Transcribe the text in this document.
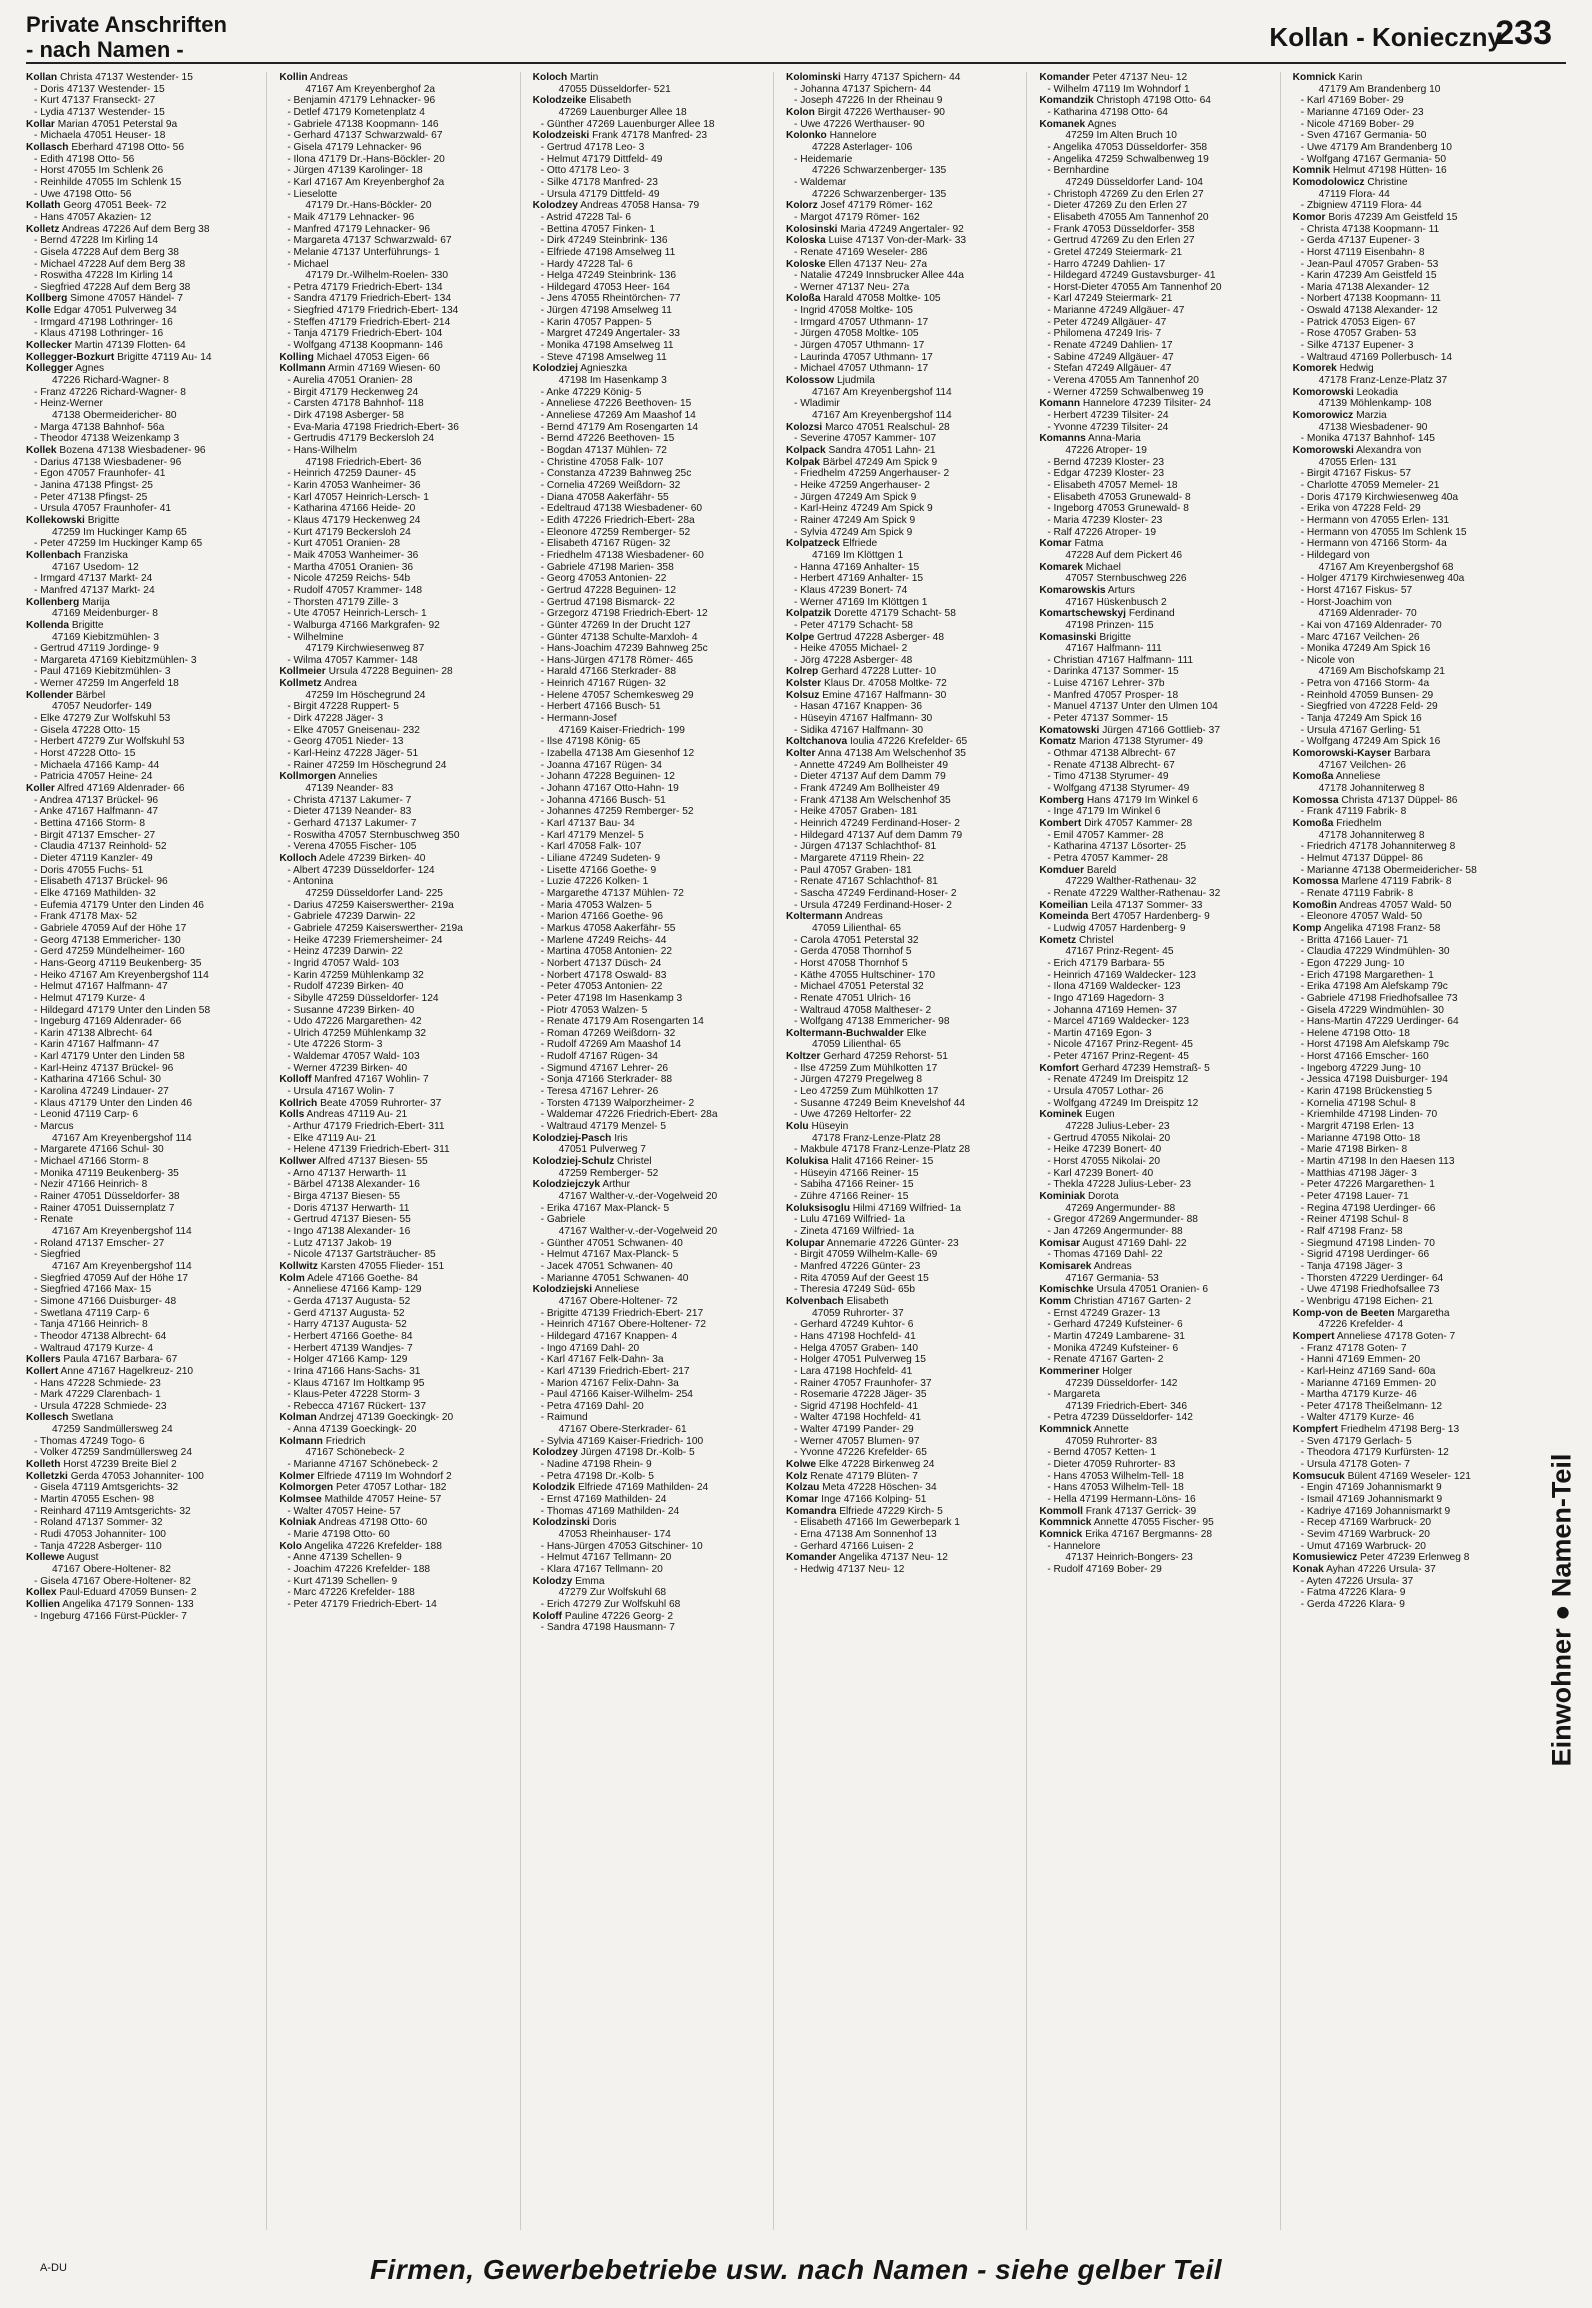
Private Anschriften
- nach Namen -	Kollan - Konieczny
233
Kollan Christa 47137 Westender- 15
- Doris 47137 Westender- 15
- Kurt 47137 Franseckt- 27
- Lydia 47137 Westender- 15
Kollar Marian 47051 Peterstal 9a
- Michaela 47051 Heuser- 18
Kollasch Eberhard 47198 Otto- 56
- Edith 47198 Otto- 56
- Horst 47055 Im Schlenk 26
- Reinhilde 47055 Im Schlenk 15
- Uwe 47198 Otto- 56
Kollath Georg 47051 Beek- 72
- Hans 47057 Akazien- 12
Kolletz Andreas 47226 Auf dem Berg 38
- Bernd 47228 Im Kirling 14
- Gisela 47228 Auf dem Berg 38
- Michael 47228 Auf dem Berg 38
- Roswitha 47228 Im Kirling 14
- Siegfried 47228 Auf dem Berg 38
Kollberg Simone 47057 Händel- 7
Kolle Edgar 47051 Pulverweg 34
- Irmgard 47198 Lothringer- 16
- Klaus 47198 Lothringer- 16
Kollecker Martin 47139 Flotten- 64
Kollegger-Bozkurt Brigitte 47119 Au- 14
Kollegger Agnes
47226 Richard-Wagner- 8
- Franz 47226 Richard-Wagner- 8
- Heinz-Werner
47138 Obermeidericher- 80
- Marga 47138 Bahnhof- 56a
- Theodor 47138 Weizenkamp 3
Kollek Bozena 47138 Wiesbadener- 96
- Darius 47138 Wiesbadener- 96
- Egon 47057 Fraunhofer- 41
- Janina 47138 Pfingst- 25
- Peter 47138 Pfingst- 25
- Ursula 47057 Fraunhofer- 41
Kollekowski Brigitte
47259 Im Huckinger Kamp 65
- Peter 47259 Im Huckinger Kamp 65
Kollenbach Franziska
47167 Usedom- 12
- Irmgard 47137 Markt- 24
- Manfred 47137 Markt- 24
Kollenberg Marija
47169 Meidenburger- 8
Kollenda Brigitte
47169 Kiebitzmühlen- 3
- Gertrud 47119 Jordinge- 9
- Margareta 47169 Kiebitzmühlen- 3
- Paul 47169 Kiebitzmühlen- 3
- Werner 47259 Im Angerfeld 18
Kollender Bärbel
47057 Neudorfer- 149
- Elke 47279 Zur Wolfskuhl 53
- Gisela 47228 Otto- 15
- Herbert 47279 Zur Wolfskuhl 53
- Horst 47228 Otto- 15
- Michaela 47166 Kamp- 44
- Patricia 47057 Heine- 24
Koller Alfred 47169 Aldenrader- 66
- Andrea 47137 Brückel- 96
- Anke 47167 Halfmann- 47
- Bettina 47166 Storm- 8
- Birgit 47137 Emscher- 27
- Claudia 47137 Reinhold- 52
- Dieter 47119 Kanzler- 49
- Doris 47055 Fuchs- 51
- Elisabeth 47137 Brückel- 96
- Elke 47169 Mathilden- 32
- Eufemia 47179 Unter den Linden 46
- Frank 47178 Max- 52
- Gabriele 47059 Auf der Höhe 17
- Georg 47138 Emmericher- 130
- Gerd 47259 Mündelheimer- 160
- Hans-Georg 47119 Beukenberg- 35
- Heiko 47167 Am Kreyenbergshof 114
- Helmut 47167 Halfmann- 47
- Helmut 47179 Kurze- 4
- Hildegard 47179 Unter den Linden 58
- Ingeburg 47169 Aldenrader- 66
- Karin 47138 Albrecht- 64
- Karin 47167 Halfmann- 47
- Karl 47179 Unter den Linden 58
- Karl-Heinz 47137 Brückel- 96
- Katharina 47166 Schul- 30
- Karolina 47249 Lindauer- 27
- Klaus 47179 Unter den Linden 46
- Leonid 47119 Carp- 6
- Marcus
47167 Am Kreyenbergshof 114
- Margarete 47166 Schul- 30
- Michael 47166 Storm- 8
- Monika 47119 Beukenberg- 35
- Nezir 47166 Heinrich- 8
- Rainer 47051 Düsseldorfer- 38
- Rainer 47051 Duissernplatz 7
- Renate
47167 Am Kreyenbergshof 114
- Roland 47137 Emscher- 27
- Siegfried
47167 Am Kreyenbergshof 114
- Siegfried 47059 Auf der Höhe 17
- Siegfried 47166 Max- 15
- Simone 47166 Duisburger- 48
- Swetlana 47119 Carp- 6
- Tanja 47166 Heinrich- 8
- Theodor 47138 Albrecht- 64
- Waltraud 47179 Kurze- 4
Kollers Paula 47167 Barbara- 67
Kollert Anne 47167 Hagelkreuz- 210
- Hans 47228 Schmiede- 23
- Mark 47229 Clarenbach- 1
- Ursula 47228 Schmiede- 23
Kollesch Swetlana
47259 Sandmüllersweg 24
- Thomas 47249 Togo- 6
- Volker 47259 Sandmüllersweg 24
Kolleth Horst 47239 Breite Biel 2
Kolletzki Gerda 47053 Johanniter- 100
- Gisela 47119 Amtsgerichts- 32
- Martin 47055 Eschen- 98
- Reinhard 47119 Amtsgerichts- 32
- Roland 47137 Sommer- 32
- Rudi 47053 Johanniter- 100
- Tanja 47228 Asberger- 110
Kollewe August
47167 Obere-Holtener- 82
- Gisela 47167 Obere-Holtener- 82
Kollex Paul-Eduard 47059 Bunsen- 2
Kollien Angelika 47179 Sonnen- 133
- Ingeburg 47166 Fürst-Pückler- 7
Kollin Andreas
47167 Am Kreyenberghof 2a
- Benjamin 47179 Lehnacker- 96
- Detlef 47179 Kometenplatz 4
- Gabriele 47138 Koopmann- 146
- Gerhard 47137 Schwarzwald- 67
- Gisela 47179 Lehnacker- 96
- Ilona 47179 Dr.-Hans-Böckler- 20
- Jürgen 47139 Karolinger- 18
- Karl 47167 Am Kreyenberghof 2a
- Lieselotte
47179 Dr.-Hans-Böckler- 20
- Maik 47179 Lehnacker- 96
- Manfred 47179 Lehnacker- 96
- Margareta 47137 Schwarzwald- 67
- Melanie 47137 Unterführungs- 1
- Michael
47179 Dr.-Wilhelm-Roelen- 330
- Petra 47179 Friedrich-Ebert- 134
- Sandra 47179 Friedrich-Ebert- 134
- Siegfried 47179 Friedrich-Ebert- 134
- Steffen 47179 Friedrich-Ebert- 214
- Tanja 47179 Friedrich-Ebert- 104
- Wolfgang 47138 Koopmann- 146
Kolling Michael 47053 Eigen- 66
Kollmann Armin 47169 Wiesen- 60
- Aurelia 47051 Oranien- 28
- Birgit 47179 Heckenweg 24
- Carsten 47178 Bahnhof- 118
- Dirk 47198 Asberger- 58
- Eva-Maria 47198 Friedrich-Ebert- 36
- Gertrudis 47179 Beckersloh 24
- Hans-Wilhelm
47198 Friedrich-Ebert- 36
- Heinrich 47259 Dauner- 45
- Karin 47053 Wanheimer- 36
- Karl 47057 Heinrich-Lersch- 1
- Katharina 47166 Heide- 20
- Klaus 47179 Heckenweg 24
- Kurt 47179 Beckersloh 24
- Kurt 47051 Oranien- 28
- Maik 47053 Wanheimer- 36
- Martha 47051 Oranien- 36
- Nicole 47259 Reichs- 54b
- Rudolf 47057 Krammer- 148
- Thorsten 47179 Zille- 3
- Ute 47057 Heinrich-Lersch- 1
- Walburga 47166 Markgrafen- 92
- Wilhelmine
47179 Kirchwiesenweg 87
- Wilma 47057 Kammer- 148
Kollmeier Ursula 47228 Beguinen- 28
Kollmetz Andrea
47259 Im Höschegrund 24
- Birgit 47228 Ruppert- 5
- Dirk 47228 Jäger- 3
- Elke 47057 Gneisenau- 232
- Georg 47051 Nieder- 13
- Karl-Heinz 47228 Jäger- 51
- Rainer 47259 Im Höschegrund 24
Kollmorgen Annelies
47139 Neander- 83
- Christa 47137 Lakumer- 7
- Dieter 47139 Neander- 83
- Gerhard 47137 Lakumer- 7
- Roswitha 47057 Sternbuschweg 350
- Verena 47055 Fischer- 105
Kolloch Adele 47239 Birken- 40
- Albert 47239 Düsseldorfer- 124
- Antonina
47259 Düsseldorfer Land- 225
- Darius 47259 Kaiserswerther- 219a
- Gabriele 47239 Darwin- 22
- Gabriele 47259 Kaiserswerther- 219a
- Heike 47239 Friemersheimer- 24
- Heinz 47239 Darwin- 22
- Ingrid 47057 Wald- 103
- Karin 47259 Mühlenkamp 32
- Rudolf 47239 Birken- 40
- Sibylle 47259 Düsseldorfer- 124
- Susanne 47239 Birken- 40
- Udo 47226 Margarethen- 42
- Ulrich 47259 Mühlenkamp 32
- Ute 47226 Storm- 3
- Waldemar 47057 Wald- 103
- Werner 47239 Birken- 40
Kolloff Manfred 47167 Wohlin- 7
- Ursula 47167 Wolin- 7
Kollrich Beate 47059 Ruhrorter- 37
Kolls Andreas 47119 Au- 21
- Arthur 47179 Friedrich-Ebert- 311
- Elke 47119 Au- 21
- Helene 47139 Friedrich-Ebert- 311
Kollwer Alfred 47137 Biesen- 55
- Arno 47137 Herwarth- 11
- Bärbel 47138 Alexander- 16
- Birga 47137 Biesen- 55
- Doris 47137 Herwarth- 11
- Gertrud 47137 Biesen- 55
- Ingo 47138 Alexander- 16
- Lutz 47137 Jakob- 19
- Nicole 47137 Gartsträucher- 85
Kollwitz Karsten 47055 Flieder- 151
Kolm Adele 47166 Goethe- 84
- Anneliese 47166 Kamp- 129
- Gerda 47137 Augusta- 52
- Gerd 47137 Augusta- 52
- Harry 47137 Augusta- 52
- Herbert 47166 Goethe- 84
- Herbert 47139 Wandjes- 7
- Holger 47166 Kamp- 129
- Irina 47166 Hans-Sachs- 31
- Klaus 47167 Im Holtkamp 95
- Klaus-Peter 47228 Storm- 3
- Rebecca 47167 Rückert- 137
Kolman Andrzej 47139 Goeckingk- 20
- Anna 47139 Goeckingk- 20
Kolmann Friedrich
47167 Schönebeck- 2
- Marianne 47167 Schönebeck- 2
Kolmer Elfriede 47119 Im Wohndorf 2
Kolmorgen Peter 47057 Lothar- 182
Kolmsee Mathilde 47057 Heine- 57
- Walter 47057 Heine- 57
Kolniak Andreas 47198 Otto- 60
- Marie 47198 Otto- 60
Kolo Angelika 47226 Krefelder- 188
- Anne 47139 Schellen- 9
- Joachim 47226 Krefelder- 188
- Kurt 47139 Schellen- 9
- Marc 47226 Krefelder- 188
- Peter 47179 Friedrich-Ebert- 14
Koloch Martin
47055 Düsseldorfer- 521
Kolodzeike Elisabeth
47269 Lauenburger Allee 18
- Günther 47269 Lauenburger Allee 18
Kolodzeiski Frank 47178 Manfred- 23
- Gertrud 47178 Leo- 3
- Helmut 47179 Dittfeld- 49
- Otto 47178 Leo- 3
- Silke 47178 Manfred- 23
- Ursula 47179 Dittfeld- 49
Kolodzey Andreas 47058 Hansa- 79
- Astrid 47228 Tal- 6
- Bettina 47057 Finken- 1
- Dirk 47249 Steinbrink- 136
- Elfriede 47198 Amselweg 11
- Hardy 47228 Tal- 6
- Helga 47249 Steinbrink- 136
- Hildegard 47053 Heer- 164
- Jens 47055 Rheintörchen- 77
- Jürgen 47198 Amselweg 11
- Karin 47057 Pappen- 5
- Margret 47249 Angertaler- 33
- Monika 47198 Amselweg 11
- Steve 47198 Amselweg 11
Kolodziej Agnieszka
47198 Im Hasenkamp 3
- Anke 47229 König- 5
- Anneliese 47226 Beethoven- 15
- Anneliese 47269 Am Maashof 14
- Bernd 47179 Am Rosengarten 14
- Bernd 47226 Beethoven- 15
- Bogdan 47137 Mühlen- 72
- Christine 47058 Falk- 107
- Constanza 47239 Bahnweg 25c
- Cornelia 47269 Weißdorn- 32
- Diana 47058 Aakerfähr- 55
- Edeltraud 47138 Wiesbadener- 60
- Edith 47226 Friedrich-Ebert- 28a
- Eleonore 47259 Remberger- 52
- Elisabeth 47167 Rügen- 32
- Friedhelm 47138 Wiesbadener- 60
- Gabriele 47198 Marien- 358
- Georg 47053 Antonien- 22
- Gertrud 47228 Beguinen- 12
- Gertrud 47198 Bismarck- 22
- Grzegorz 47198 Friedrich-Ebert- 12
- Günter 47269 In der Drucht 127
- Günter 47138 Schulte-Marxloh- 4
- Hans-Joachim 47239 Bahnweg 25c
- Hans-Jürgen 47178 Römer- 465
- Harald 47166 Sterkrader- 88
- Heinrich 47167 Rügen- 32
- Helene 47057 Schemkesweg 29
- Herbert 47166 Busch- 51
- Hermann-Josef
47169 Kaiser-Friedrich- 199
- Ilse 47198 König- 65
- Izabella 47138 Am Giesenhof 12
- Joanna 47167 Rügen- 34
- Johann 47228 Beguinen- 12
- Johann 47167 Otto-Hahn- 19
- Johanna 47166 Busch- 51
- Johannes 47259 Remberger- 52
- Karl 47137 Bau- 34
- Karl 47179 Menzel- 5
- Karl 47058 Falk- 107
- Liliane 47249 Sudeten- 9
- Lisette 47166 Goethe- 9
- Luzie 47226 Kolken- 1
- Margarethe 47137 Mühlen- 72
- Maria 47053 Walzen- 5
- Marion 47166 Goethe- 96
- Markus 47058 Aakerfähr- 55
- Marlene 47249 Reichs- 44
- Martina 47058 Antonien- 22
- Norbert 47137 Düsch- 24
- Norbert 47178 Oswald- 83
- Peter 47053 Antonien- 22
- Peter 47198 Im Hasenkamp 3
- Piotr 47053 Walzen- 5
- Renate 47179 Am Rosengarten 14
- Roman 47269 Weißdorn- 32
- Rudolf 47269 Am Maashof 14
- Rudolf 47167 Rügen- 34
- Sigmund 47167 Lehrer- 26
- Sonja 47166 Sterkrader- 88
- Teresa 47167 Lehrer- 26
- Torsten 47139 Walporzheimer- 2
- Waldemar 47226 Friedrich-Ebert- 28a
- Waltraud 47179 Menzel- 5
Kolodziej-Pasch Iris
47051 Pulverweg 7
Kolodziej-Schulz Christel
47259 Remberger- 52
Kolodziejczyk Arthur
47167 Walther-v.-der-Vogelweid 20
- Erika 47167 Max-Planck- 5
- Gabriele
47167 Walther-v.-der-Vogelweid 20
- Günther 47051 Schwanen- 40
- Helmut 47167 Max-Planck- 5
- Jacek 47051 Schwanen- 40
- Marianne 47051 Schwanen- 40
Kolodziejski Anneliese
47167 Obere-Holtener- 72
- Brigitte 47139 Friedrich-Ebert- 217
- Heinrich 47167 Obere-Holtener- 72
- Hildegard 47167 Knappen- 4
- Ingo 47169 Dahl- 20
- Karl 47167 Felk-Dahn- 3a
- Karl 47139 Friedrich-Ebert- 217
- Marion 47167 Felix-Dahn- 3a
- Paul 47166 Kaiser-Wilhelm- 254
- Petra 47169 Dahl- 20
- Raimund
47167 Obere-Sterkrader- 61
- Sylvia 47169 Kaiser-Friedrich- 100
Kolodzey Jürgen 47198 Dr.-Kolb- 5
- Nadine 47198 Rhein- 9
- Petra 47198 Dr.-Kolb- 5
Kolodzik Elfriede 47169 Mathilden- 24
- Ernst 47169 Mathilden- 24
- Thomas 47169 Mathilden- 24
Kolodzinski Doris
47053 Rheinhauser- 174
- Hans-Jürgen 47053 Gitschiner- 10
- Helmut 47167 Tellmann- 20
- Klara 47167 Tellmann- 20
Kolodzy Emma
47279 Zur Wolfskuhl 68
- Erich 47279 Zur Wolfskuhl 68
Koloff Pauline 47226 Georg- 2
- Sandra 47198 Hausmann- 7
Kolominski Harry 47137 Spichern- 44
- Johanna 47137 Spichern- 44
- Joseph 47226 In der Rheinau 9
Kolon Birgit 47226 Werthauser- 90
- Uwe 47226 Werthauser- 90
Kolonko Hannelore
47228 Asterlager- 106
- Heidemarie
47226 Schwarzenberger- 135
- Waldemar
47226 Schwarzenberger- 135
Kolorz Josef 47179 Römer- 162
- Margot 47179 Römer- 162
Kolosinski Maria 47249 Angertaler- 92
Koloska Luise 47137 Von-der-Mark- 33
- Renate 47169 Weseler- 286
Koloske Ellen 47137 Neu- 27a
- Natalie 47249 Innsbrucker Allee 44a
- Werner 47137 Neu- 27a
Koloßa Harald 47058 Moltke- 105
- Ingrid 47058 Moltke- 105
- Irmgard 47057 Uthmann- 17
- Jürgen 47058 Moltke- 105
- Jürgen 47057 Uthmann- 17
- Laurinda 47057 Uthmann- 17
- Michael 47057 Uthmann- 17
Kolossow Ljudmila
47167 Am Kreyenbergshof 114
- Wladimir
47167 Am Kreyenbergshof 114
Kolozsi Marco 47051 Realschul- 28
- Severine 47057 Kammer- 107
Kolpack Sandra 47051 Lahn- 21
Kolpak Bärbel 47249 Am Spick 9
- Friedhelm 47259 Angerhauser- 2
- Heike 47259 Angerhauser- 2
- Jürgen 47249 Am Spick 9
- Karl-Heinz 47249 Am Spick 9
- Rainer 47249 Am Spick 9
- Sylvia 47249 Am Spick 9
Kolpatzeck Elfriede
47169 Im Klöttgen 1
- Hanna 47169 Anhalter- 15
- Herbert 47169 Anhalter- 15
- Klaus 47239 Bonert- 74
- Werner 47169 Im Klöttgen 1
Kolpatzik Dorette 47179 Schacht- 58
- Peter 47179 Schacht- 58
Kolpe Gertrud 47228 Asberger- 48
- Heike 47055 Michael- 2
- Jörg 47228 Asberger- 48
Kolrep Gerhard 47228 Lutter- 10
Kolster Klaus Dr. 47058 Moltke- 72
Kolsuz Emine 47167 Halfmann- 30
- Hasan 47167 Knappen- 36
- Hüseyin 47167 Halfmann- 30
- Sidika 47167 Halfmann- 30
Koltchanova Ioulia 47226 Krefelder- 65
Kolter Anna 47138 Am Welschenhof 35
- Annette 47249 Am Bollheister 49
- Dieter 47137 Auf dem Damm 79
- Frank 47249 Am Bollheister 49
- Frank 47138 Am Welschenhof 35
- Heike 47057 Graben- 181
- Heinrich 47249 Ferdinand-Hoser- 2
- Hildegard 47137 Auf dem Damm 79
- Jürgen 47137 Schlachthof- 81
- Margarete 47119 Rhein- 22
- Paul 47057 Graben- 181
- Renate 47167 Schlachthof- 81
- Sascha 47249 Ferdinand-Hoser- 2
- Ursula 47249 Ferdinand-Hoser- 2
Koltermann Andreas
47059 Lilienthal- 65
- Carola 47051 Peterstal 32
- Gerda 47058 Thornhof 5
- Horst 47058 Thornhof 5
- Käthe 47055 Hultschiner- 170
- Michael 47051 Peterstal 32
- Renate 47051 Ulrich- 16
- Waltraud 47058 Maltheser- 2
- Wolfgang 47138 Emmericher- 98
Koltermann-Buchwalder Elke
47059 Lilienthal- 65
Koltzer Gerhard 47259 Rehorst- 51
- Ilse 47259 Zum Mühlkotten 17
- Jürgen 47279 Pregelweg 8
- Leo 47259 Zum Mühlkotten 17
- Susanne 47249 Beim Knevelshof 44
- Uwe 47269 Heltorfer- 22
Kolu Hüseyin
47178 Franz-Lenze-Platz 28
- Makbule 47178 Franz-Lenze-Platz 28
Kolukisa Halit 47166 Reiner- 15
- Hüseyin 47166 Reiner- 15
- Sabiha 47166 Reiner- 15
- Zühre 47166 Reiner- 15
Koluksisoglu Hilmi 47169 Wilfried- 1a
- Lulu 47169 Wilfried- 1a
- Zineta 47169 Wilfried- 1a
Kolupar Annemarie 47226 Günter- 23
- Birgit 47059 Wilhelm-Kalle- 69
- Manfred 47226 Günter- 23
- Rita 47059 Auf der Geest 15
- Theresia 47249 Süd- 65b
Kolvenbach Elisabeth
47059 Ruhrorter- 37
- Gerhard 47249 Kuhtor- 6
- Hans 47198 Hochfeld- 41
- Helga 47057 Graben- 140
- Holger 47051 Pulverweg 15
- Lara 47198 Hochfeld- 41
- Rainer 47057 Fraunhofer- 37
- Rosemarie 47228 Jäger- 35
- Sigrid 47198 Hochfeld- 41
- Walter 47198 Hochfeld- 41
- Walter 47199 Pander- 29
- Werner 47057 Blumen- 97
- Yvonne 47226 Krefelder- 65
Kolwe Elke 47228 Birkenweg 24
Kolz Renate 47179 Blüten- 7
Kolzau Meta 47228 Höschen- 34
Komar Inge 47166 Kolping- 51
Komandra Elfriede 47229 Kirch- 5
- Elisabeth 47166 Im Gewerbepark 1
- Erna 47138 Am Sonnenhof 13
- Gerhard 47166 Luisen- 2
Komander Angelika 47137 Neu- 12
- Hedwig 47137 Neu- 12
Komander Peter 47137 Neu- 12
- Wilhelm 47119 Im Wohndorf 1
Komandzik Christoph 47198 Otto- 64
- Katharina 47198 Otto- 64
Komanek Agnes
47259 Im Alten Bruch 10
- Angelika 47053 Düsseldorfer- 358
- Angelika 47259 Schwalbenweg 19
- Bernhardine
47249 Düsseldorfer Land- 104
- Christoph 47269 Zu den Erlen 27
- Dieter 47269 Zu den Erlen 27
- Elisabeth 47055 Am Tannenhof 20
- Frank 47053 Düsseldorfer- 358
- Gertrud 47269 Zu den Erlen 27
- Gretel 47249 Steiermark- 21
- Harro 47249 Dahlien- 17
- Hildegard 47249 Gustavsburger- 41
- Horst-Dieter 47055 Am Tannenhof 20
- Karl 47249 Steiermark- 21
- Marianne 47249 Allgäuer- 47
- Peter 47249 Allgäuer- 47
- Philomena 47249 Iris- 7
- Renate 47249 Dahlien- 17
- Sabine 47249 Allgäuer- 47
- Stefan 47249 Allgäuer- 47
- Verena 47055 Am Tannenhof 20
- Werner 47259 Schwalbenweg 19
Komann Hannelore 47239 Tilsiter- 24
- Herbert 47239 Tilsiter- 24
- Yvonne 47239 Tilsiter- 24
Komanns Anna-Maria
47226 Atroper- 19
- Bernd 47239 Kloster- 23
- Edgar 47239 Kloster- 23
- Elisabeth 47057 Memel- 18
- Elisabeth 47053 Grunewald- 8
- Ingeborg 47053 Grunewald- 8
- Maria 47239 Kloster- 23
- Ralf 47226 Atroper- 19
Komar Fatma
47228 Auf dem Pickert 46
Komarek Michael
47057 Sternbuschweg 226
Komarowskis Arturs
47167 Hüskenbusch 2
Komartschewskyj Ferdinand
47198 Prinzen- 115
Komasinski Brigitte
47167 Halfmann- 111
- Christian 47167 Halfmann- 111
- Darinka 47137 Sommer- 15
- Luise 47167 Lehrer- 37b
- Manfred 47057 Prosper- 18
- Manuel 47137 Unter den Ulmen 104
- Peter 47137 Sommer- 15
Komatowski Jürgen 47166 Gottlieb- 37
Komatz Marion 47138 Styrumer- 49
- Othmar 47138 Albrecht- 67
- Renate 47138 Albrecht- 67
- Timo 47138 Styrumer- 49
- Wolfgang 47138 Styrumer- 49
Komberg Hans 47179 Im Winkel 6
- Inge 47179 Im Winkel 6
Kombert Dirk 47057 Kammer- 28
- Emil 47057 Kammer- 28
- Katharina 47137 Lösorter- 25
- Petra 47057 Kammer- 28
Komduer Bareld
47229 Walther-Rathenau- 32
- Renate 47229 Walther-Rathenau- 32
Komeilian Leila 47137 Sommer- 33
Komeinda Bert 47057 Hardenberg- 9
- Ludwig 47057 Hardenberg- 9
Kometz Christel
47167 Prinz-Regent- 45
- Erich 47179 Barbara- 55
- Heinrich 47169 Waldecker- 123
- Ilona 47169 Waldecker- 123
- Ingo 47169 Hagedorn- 3
- Johanna 47169 Hemen- 37
- Marcel 47169 Waldecker- 123
- Martin 47169 Egon- 3
- Nicole 47167 Prinz-Regent- 45
- Peter 47167 Prinz-Regent- 45
Komfort Gerhard 47239 Hemstraß- 5
- Renate 47249 Im Dreispitz 12
- Ursula 47057 Lothar- 26
- Wolfgang 47249 Im Dreispitz 12
Kominek Eugen
47228 Julius-Leber- 23
- Gertrud 47055 Nikolai- 20
- Heike 47239 Bonert- 40
- Horst 47055 Nikolai- 20
- Karl 47239 Bonert- 40
- Thekla 47228 Julius-Leber- 23
Kominiak Dorota
47269 Angermunder- 88
- Gregor 47269 Angermunder- 88
- Jan 47269 Angermunder- 88
Komisar August 47169 Dahl- 22
- Thomas 47169 Dahl- 22
Komisarek Andreas
47167 Germania- 53
Komischke Ursula 47051 Oranien- 6
Komm Christian 47167 Garten- 2
- Ernst 47249 Grazer- 13
- Gerhard 47249 Kufsteiner- 6
- Martin 47249 Lambarene- 31
- Monika 47249 Kufsteiner- 6
- Renate 47167 Garten- 2
Kommeriner Holger
47239 Düsseldorfer- 142
- Margareta
47139 Friedrich-Ebert- 346
- Petra 47239 Düsseldorfer- 142
Kommnick Annette
47059 Ruhrorter- 83
- Bernd 47057 Ketten- 1
- Dieter 47059 Ruhrorter- 83
- Hans 47053 Wilhelm-Tell- 18
- Hans 47053 Wilhelm-Tell- 18
- Hella 47199 Hermann-Löns- 16
Kommoll Frank 47137 Gerrick- 39
Kommnick Annette 47055 Fischer- 95
Komnick Erika 47167 Bergmanns- 28
- Hannelore
47137 Heinrich-Bongers- 23
- Rudolf 47169 Bober- 29
Komnick Karin
47179 Am Brandenberg 10
- Karl 47169 Bober- 29
- Marianne 47169 Oder- 23
- Nicole 47169 Bober- 29
- Sven 47167 Germania- 50
- Uwe 47179 Am Brandenberg 10
- Wolfgang 47167 Germania- 50
Komnik Helmut 47198 Hütten- 16
Komodolowicz Christine
47119 Flora- 44
- Zbigniew 47119 Flora- 44
Komor Boris 47239 Am Geistfeld 15
- Christa 47138 Koopmann- 11
- Gerda 47137 Eupener- 3
- Horst 47119 Eisenbahn- 8
- Jean-Paul 47057 Graben- 53
- Karin 47239 Am Geistfeld 15
- Maria 47138 Alexander- 12
- Norbert 47138 Koopmann- 11
- Oswald 47138 Alexander- 12
- Patrick 47053 Eigen- 67
- Rose 47057 Graben- 53
- Silke 47137 Eupener- 3
- Waltraud 47169 Pollerbusch- 14
Komorek Hedwig
47178 Franz-Lenze-Platz 37
Komorowski Leokadia
47139 Möhlenkamp- 108
Komorowicz Marzia
47138 Wiesbadener- 90
- Monika 47137 Bahnhof- 145
Komorowski Alexandra von
47055 Erlen- 131
- Birgit 47167 Fiskus- 57
- Charlotte 47059 Memeler- 21
- Doris 47179 Kirchwiesenweg 40a
- Erika von 47228 Feld- 29
- Hermann von 47055 Erlen- 131
- Hermann von 47055 Im Schlenk 15
- Hermann von 47166 Storm- 4a
- Hildegard von
47167 Am Kreyenbergshof 68
- Holger 47179 Kirchwiesenweg 40a
- Horst 47167 Fiskus- 57
- Horst-Joachim von
47169 Aldenrader- 70
- Kai von 47169 Aldenrader- 70
- Marc 47167 Veilchen- 26
- Monika 47249 Am Spick 16
- Nicole von
47169 Am Bischofskamp 21
- Petra von 47166 Storm- 4a
- Reinhold 47059 Bunsen- 29
- Siegfried von 47228 Feld- 29
- Tanja 47249 Am Spick 16
- Ursula 47167 Gerling- 51
- Wolfgang 47249 Am Spick 16
Komorowski-Kayser Barbara
47167 Veilchen- 26
Komoßa Anneliese
47178 Johanniterweg 8
Komossa Christa 47137 Düppel- 86
- Frank 47119 Fabrik- 8
Komoßa Friedhelm
47178 Johanniterweg 8
- Friedrich 47178 Johanniterweg 8
- Helmut 47137 Düppel- 86
- Marianne 47138 Obermeidericher- 58
Komossa Marlene 47119 Fabrik- 8
- Renate 47119 Fabrik- 8
Komoßin Andreas 47057 Wald- 50
- Eleonore 47057 Wald- 50
Komp Angelika 47198 Franz- 58
- Britta 47166 Lauer- 71
- Claudia 47229 Windmühlen- 30
- Egon 47229 Jung- 10
- Erich 47198 Margarethen- 1
- Erika 47198 Am Alefskamp 79c
- Gabriele 47198 Friedhofsallee 73
- Gisela 47229 Windmühlen- 30
- Hans-Martin 47229 Uerdinger- 64
- Helene 47198 Otto- 18
- Horst 47198 Am Alefskamp 79c
- Horst 47166 Emscher- 160
- Ingeborg 47229 Jung- 10
- Jessica 47198 Duisburger- 194
- Karin 47198 Brückenstieg 5
- Kornelia 47198 Schul- 8
- Kriemhilde 47198 Linden- 70
- Margrit 47198 Erlen- 13
- Marianne 47198 Otto- 18
- Marie 47198 Birken- 8
- Martin 47198 In den Haesen 113
- Matthias 47198 Jäger- 3
- Peter 47226 Margarethen- 1
- Peter 47198 Lauer- 71
- Regina 47198 Uerdinger- 66
- Reiner 47198 Schul- 8
- Ralf 47198 Franz- 58
- Siegmund 47198 Linden- 70
- Sigrid 47198 Uerdinger- 66
- Tanja 47198 Jäger- 3
- Thorsten 47229 Uerdinger- 64
- Uwe 47198 Friedhofsallee 73
- Wenbrigu 47198 Eichen- 21
Komp-von de Beeten Margaretha
47226 Krefelder- 4
Kompert Anneliese 47178 Goten- 7
- Franz 47178 Goten- 7
- Hanni 47169 Emmen- 20
- Karl-Heinz 47169 Sand- 60a
- Marianne 47169 Emmen- 20
- Martha 47179 Kurze- 46
- Peter 47178 Theißelmann- 12
- Walter 47179 Kurze- 46
Kompfert Friedhelm 47198 Berg- 13
- Sven 47179 Gerlach- 5
- Theodora 47179 Kurfürsten- 12
- Ursula 47178 Goten- 7
Komsucuk Bülent 47169 Weseler- 121
- Engin 47169 Johannismarkt 9
- Ismail 47169 Johannismarkt 9
- Kadriye 47169 Johannismarkt 9
- Recep 47169 Warbruck- 20
- Sevim 47169 Warbruck- 20
- Umut 47169 Warbruck- 20
Komusiewicz Peter 47239 Erlenweg 8
Konak Ayhan 47226 Ursula- 37
- Ayten 47226 Ursula- 37
- Fatma 47226 Klara- 9
- Gerda 47226 Klara- 9	Einwohner ● Namen-Teil
A-DU	Firmen, Gewerbebetriebe usw. nach Namen - siehe gelber Teil
